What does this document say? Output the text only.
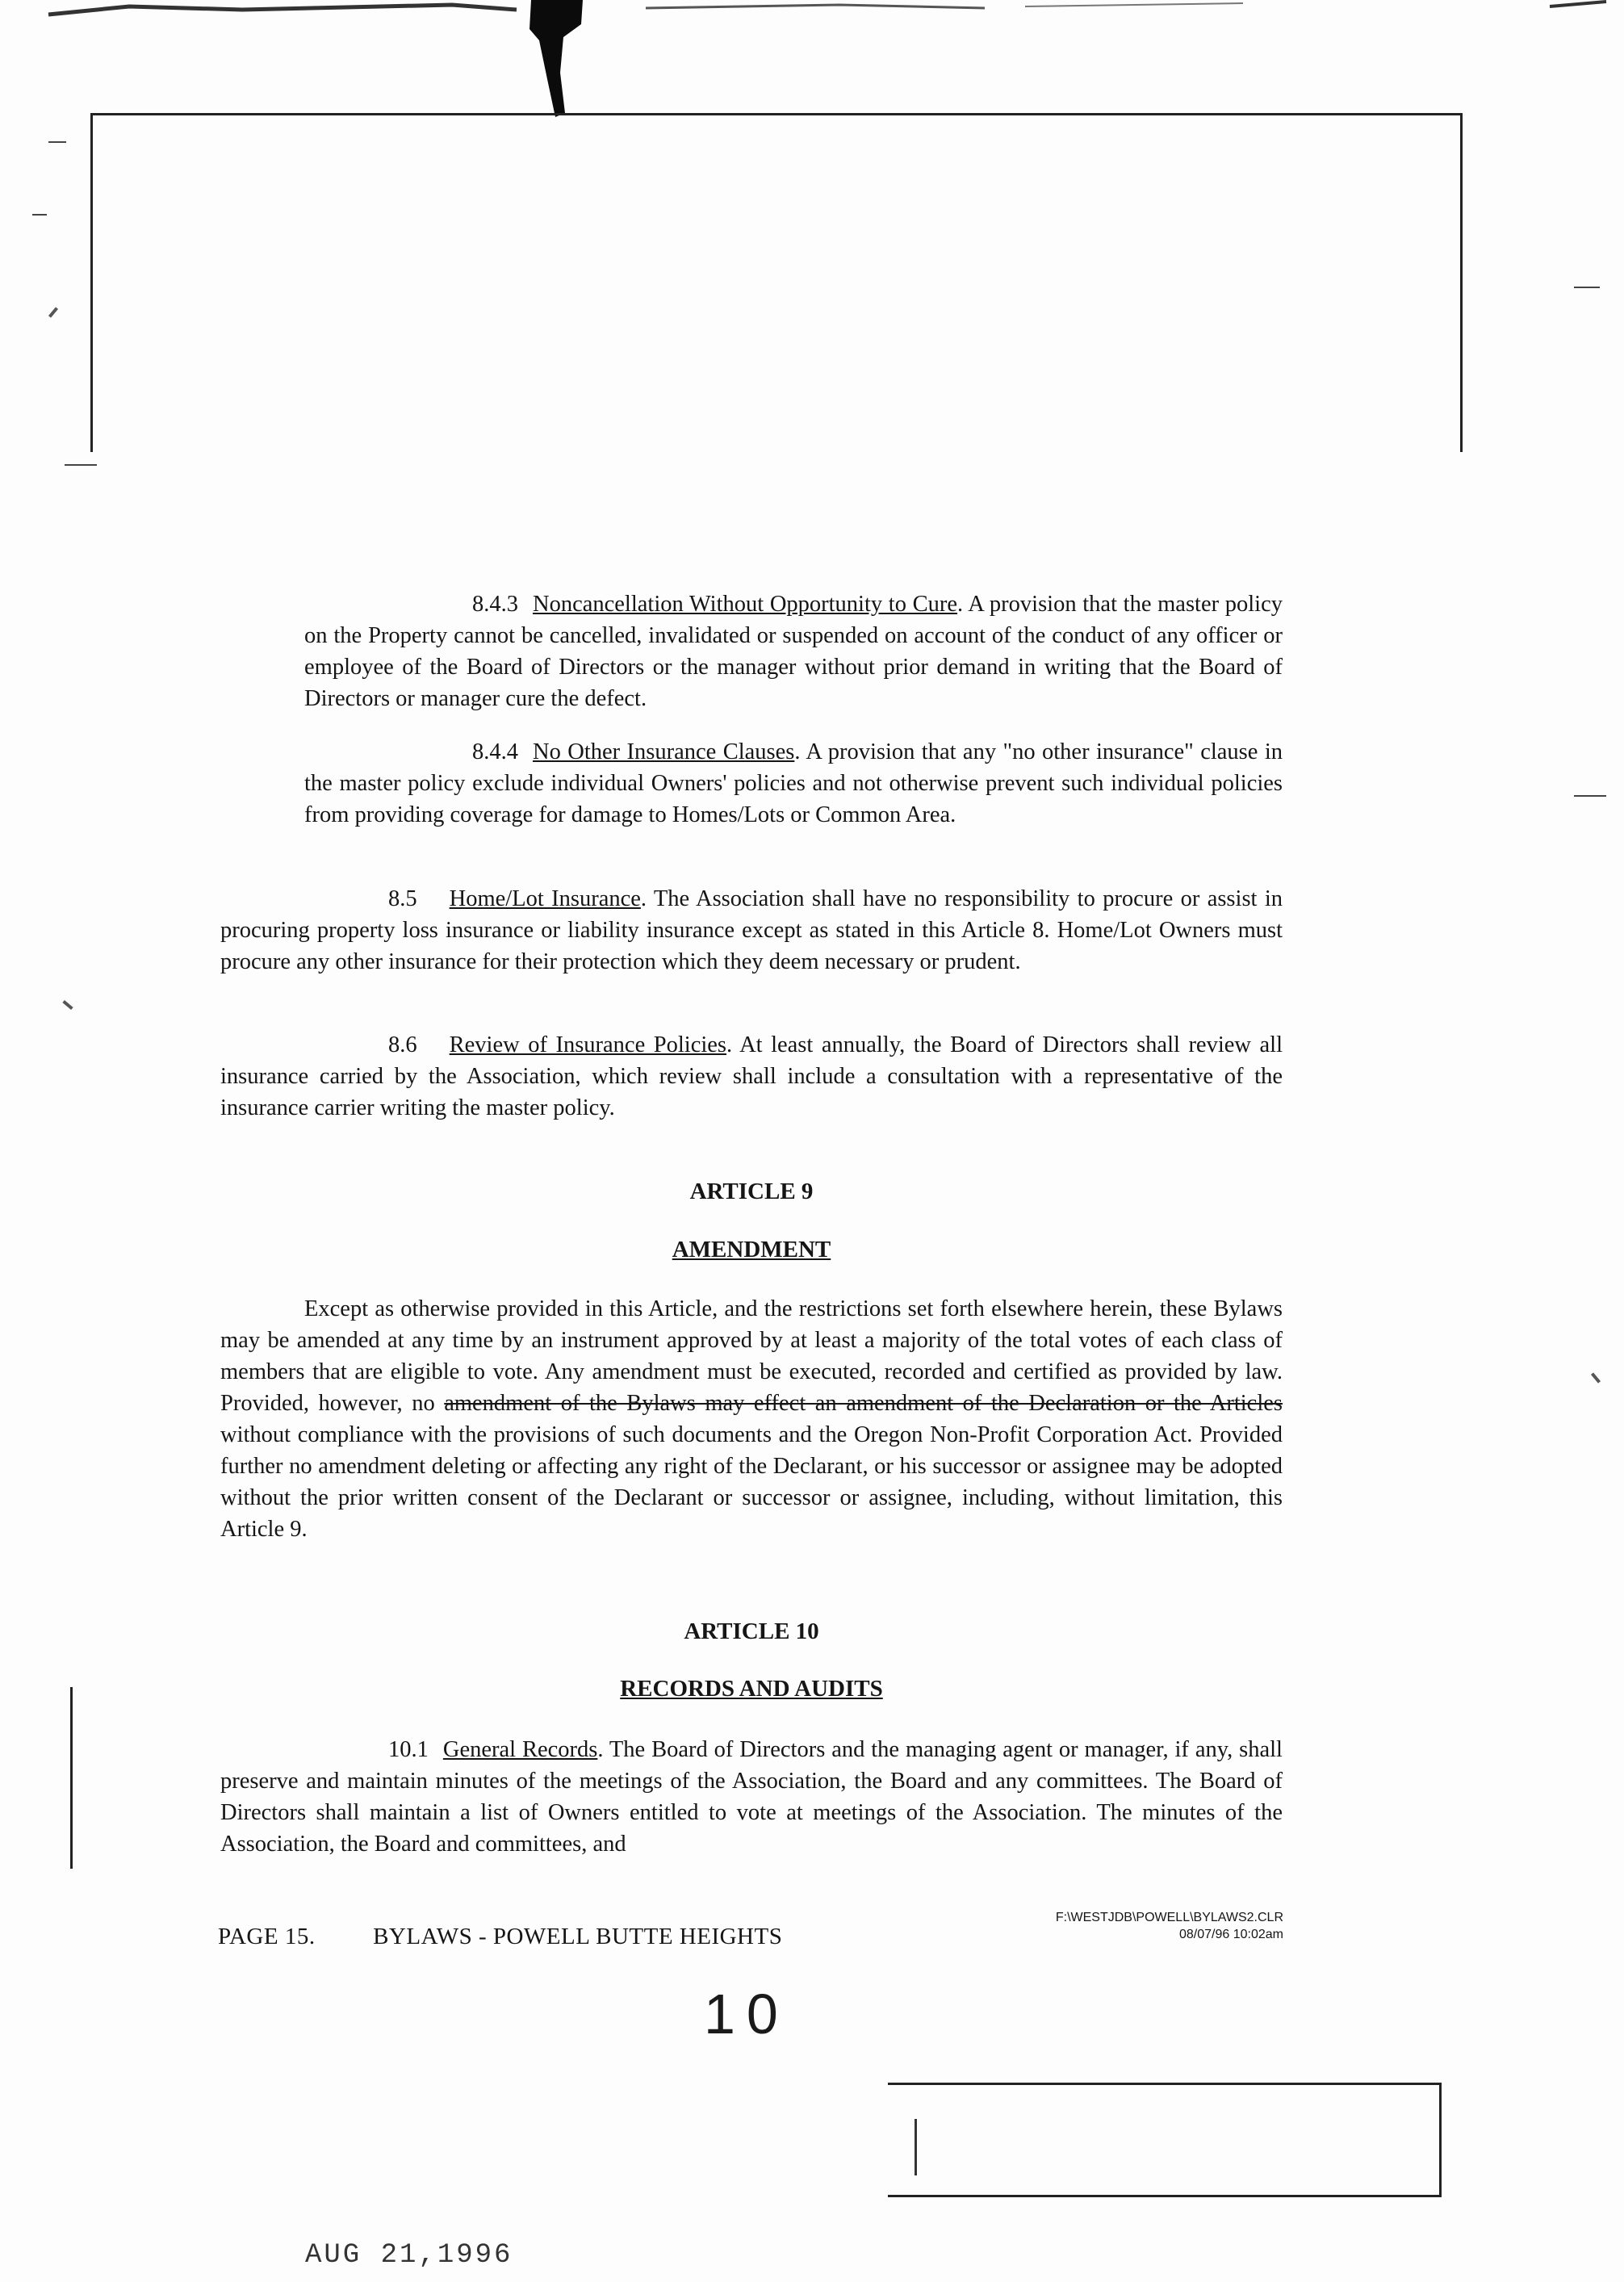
8.4.3 Noncancellation Without Opportunity to Cure. A provision that the master policy on the Property cannot be cancelled, invalidated or suspended on account of the conduct of any officer or employee of the Board of Directors or the manager without prior demand in writing that the Board of Directors or manager cure the defect.

8.4.4 No Other Insurance Clauses. A provision that any "no other insurance" clause in the master policy exclude individual Owners' policies and not otherwise prevent such individual policies from providing coverage for damage to Homes/Lots or Common Area.

8.5 Home/Lot Insurance. The Association shall have no responsibility to procure or assist in procuring property loss insurance or liability insurance except as stated in this Article 8. Home/Lot Owners must procure any other insurance for their protection which they deem necessary or prudent.

8.6 Review of Insurance Policies. At least annually, the Board of Directors shall review all insurance carried by the Association, which review shall include a consultation with a representative of the insurance carrier writing the master policy.

ARTICLE 9

AMENDMENT

Except as otherwise provided in this Article, and the restrictions set forth elsewhere herein, these Bylaws may be amended at any time by an instrument approved by at least a majority of the total votes of each class of members that are eligible to vote. Any amendment must be executed, recorded and certified as provided by law. Provided, however, no amendment of the Bylaws may effect an amendment of the Declaration or the Articles without compliance with the provisions of such documents and the Oregon Non-Profit Corporation Act. Provided further no amendment deleting or affecting any right of the Declarant, or his successor or assignee may be adopted without the prior written consent of the Declarant or successor or assignee, including, without limitation, this Article 9.

ARTICLE 10

RECORDS AND AUDITS

10.1 General Records. The Board of Directors and the managing agent or manager, if any, shall preserve and maintain minutes of the meetings of the Association, the Board and any committees. The Board of Directors shall maintain a list of Owners entitled to vote at meetings of the Association. The minutes of the Association, the Board and committees, and

PAGE 15. BYLAWS - POWELL BUTTE HEIGHTS
F:\WESTJDB\POWELL\BYLAWS2.CLR
08/07/96 10:02am
10
AUG 21,1996
